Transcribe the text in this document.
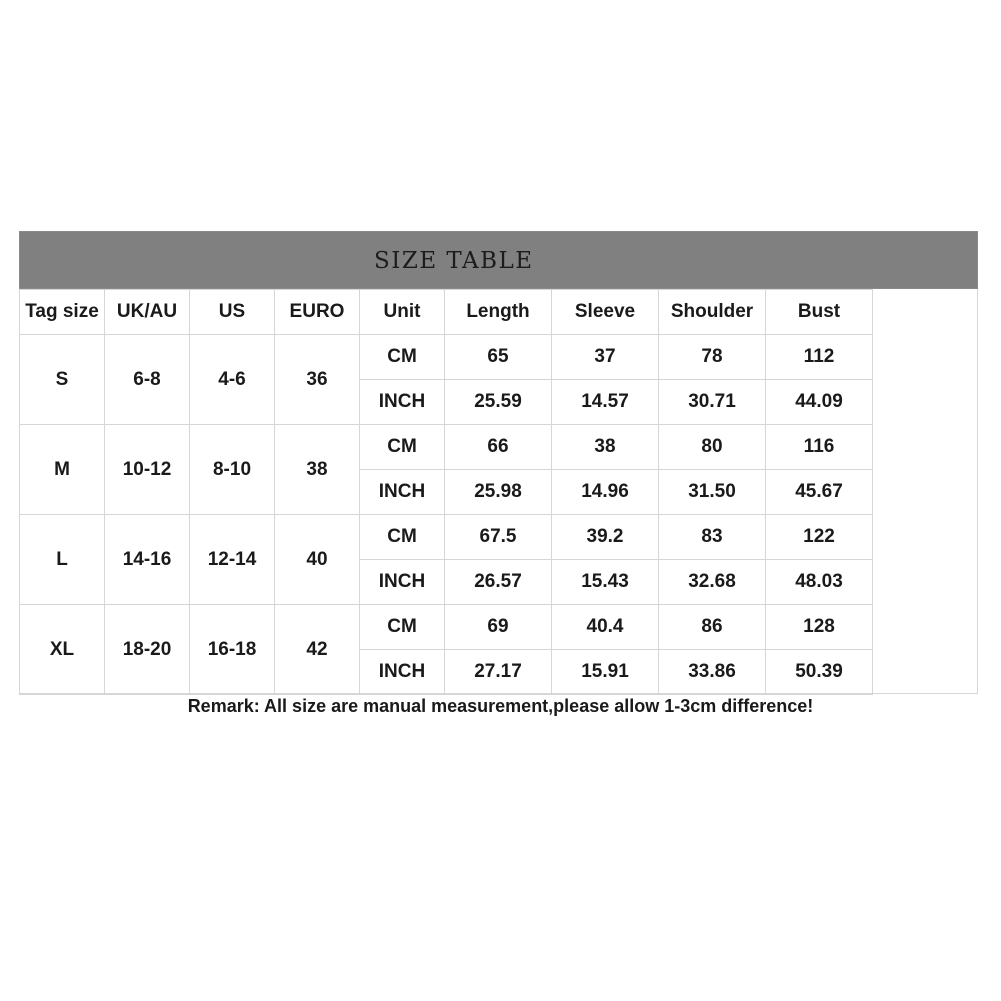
SIZE TABLE
Tag size	UK/AU	US	EURO	Unit	Length	Sleeve	Shoulder	Bust
S	6-8	4-6	36	CM	65	37	78	112
				INCH	25.59	14.57	30.71	44.09
M	10-12	8-10	38	CM	66	38	80	116
				INCH	25.98	14.96	31.50	45.67
L	14-16	12-14	40	CM	67.5	39.2	83	122
				INCH	26.57	15.43	32.68	48.03
XL	18-20	16-18	42	CM	69	40.4	86	128
				INCH	27.17	15.91	33.86	50.39
Remark: All size are manual measurement,please allow 1-3cm difference!
